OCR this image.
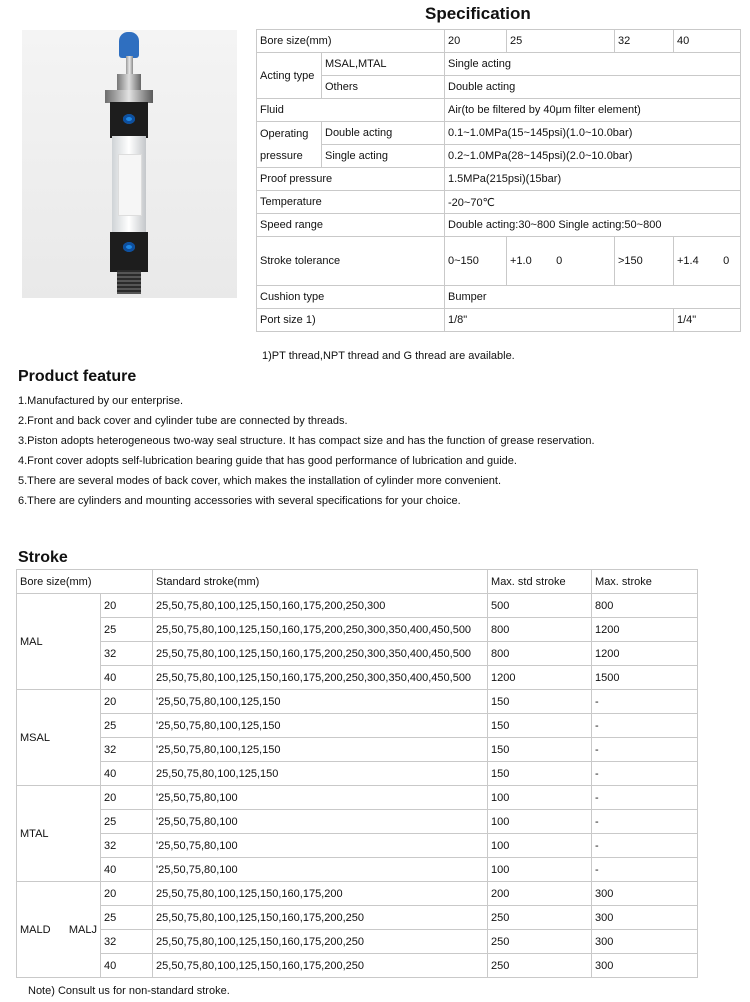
Specification
Bore size(mm)		20	25	32	40
Acting type	MSAL,MTAL	Single acting			
	Others	Double acting			
Fluid		Air(to be filtered by 40μm filter element)			
Operating pressure	Double acting	0.1~1.0MPa(15~145psi)(1.0~10.0bar)			
	Single acting	0.2~1.0MPa(28~145psi)(2.0~10.0bar)			
Proof pressure		1.5MPa(215psi)(15bar)			
Temperature		-20~70℃			
Speed range		Double acting:30~800 Single acting:50~800			
Stroke tolerance		0~150	+1.0        0	>150	+1.4        0
Cushion type		Bumper			
Port size 1)		1/8"			1/4"
1)PT thread,NPT thread and G thread are available.
Product feature
1.Manufactured by our enterprise.
2.Front and back cover and cylinder tube are connected by threads.
3.Piston adopts heterogeneous two-way seal structure. It has compact size and has the function of grease reservation.
4.Front cover adopts self-lubrication bearing guide that has good performance of lubrication and guide.
5.There are several modes of back cover, which makes the installation of cylinder more convenient.
6.There are cylinders and mounting accessories with several specifications for your choice.
Stroke
Bore size(mm)		Standard stroke(mm)	Max. std stroke	Max. stroke
MAL	20	25,50,75,80,100,125,150,160,175,200,250,300	500	800
	25	25,50,75,80,100,125,150,160,175,200,250,300,350,400,450,500	800	1200
	32	25,50,75,80,100,125,150,160,175,200,250,300,350,400,450,500	800	1200
	40	25,50,75,80,100,125,150,160,175,200,250,300,350,400,450,500	1200	1500
MSAL	20	'25,50,75,80,100,125,150	150	-
	25	'25,50,75,80,100,125,150	150	-
	32	'25,50,75,80,100,125,150	150	-
	40	25,50,75,80,100,125,150	150	-
MTAL	20	'25,50,75,80,100	100	-
	25	'25,50,75,80,100	100	-
	32	'25,50,75,80,100	100	-
	40	'25,50,75,80,100	100	-
MALD      MALJ	20	25,50,75,80,100,125,150,160,175,200	200	300
	25	25,50,75,80,100,125,150,160,175,200,250	250	300
	32	25,50,75,80,100,125,150,160,175,200,250	250	300
	40	25,50,75,80,100,125,150,160,175,200,250	250	300
Note) Consult us for non-standard stroke.
